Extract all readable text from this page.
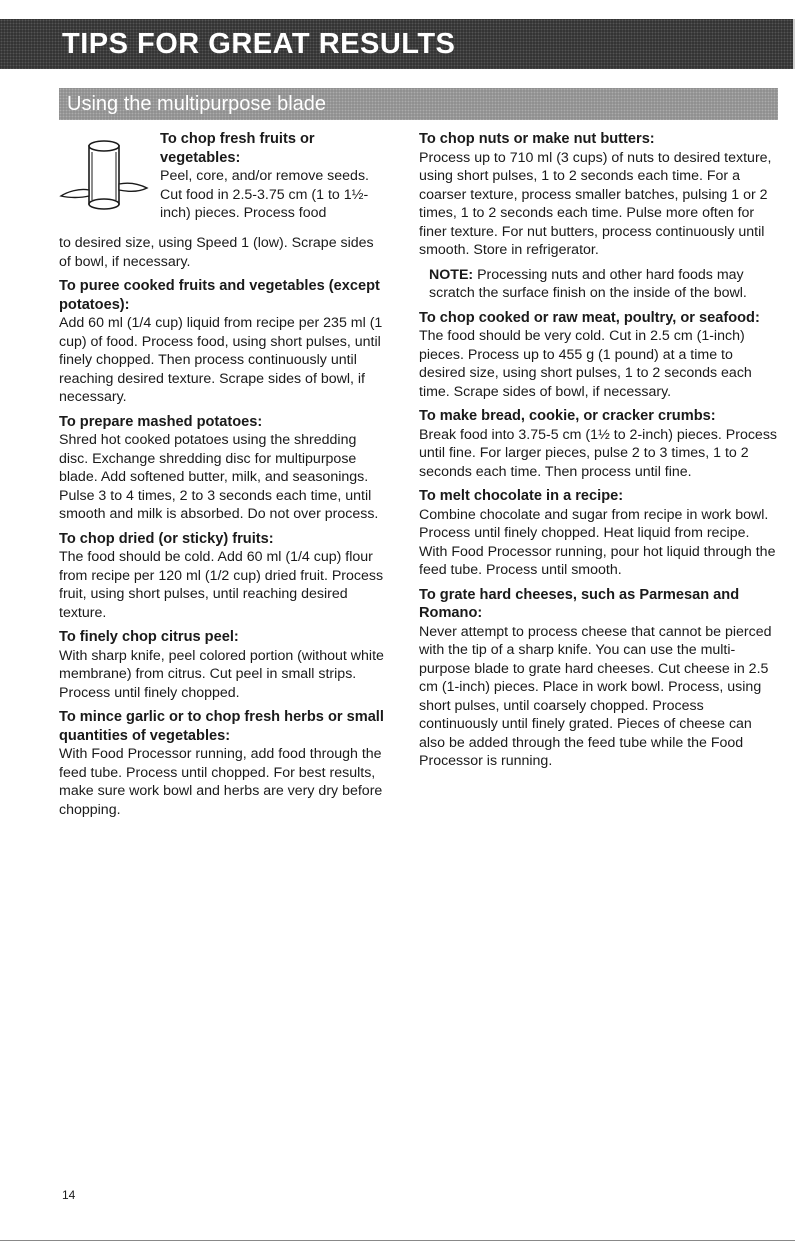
TIPS FOR GREAT RESULTS
Using the multipurpose blade
To chop fresh fruits or vegetables:

Peel, core, and/or remove seeds. Cut food in 2.5-3.75 cm (1 to 1½-inch) pieces. Process food

to desired size, using Speed 1 (low). Scrape sides of bowl, if necessary.

To puree cooked fruits and vegetables (except potatoes):

Add 60 ml (1/4 cup) liquid from recipe per 235 ml (1 cup) of food. Process food, using short pulses, until finely chopped. Then process continuously until reaching desired texture. Scrape sides of bowl, if necessary.

To prepare mashed potatoes:

Shred hot cooked potatoes using the shredding disc. Exchange shredding disc for multipurpose blade. Add softened butter, milk, and seasonings. Pulse 3 to 4 times, 2 to 3 seconds each time, until smooth and milk is absorbed. Do not over process.

To chop dried (or sticky) fruits:

The food should be cold. Add 60 ml (1/4 cup) flour from recipe per 120 ml (1/2 cup) dried fruit. Process fruit, using short pulses, until reaching desired texture.

To finely chop citrus peel:

With sharp knife, peel colored portion (without white membrane) from citrus. Cut peel in small strips. Process until finely chopped.

To mince garlic or to chop fresh herbs or small quantities of vegetables:

With Food Processor running, add food through the feed tube. Process until chopped. For best results, make sure work bowl and herbs are very dry before chopping.

To chop nuts or make nut butters:

Process up to 710 ml (3 cups) of nuts to desired texture, using short pulses, 1 to 2 seconds each time. For a coarser texture, process smaller batches, pulsing 1 or 2 times, 1 to 2 seconds each time. Pulse more often for finer texture. For nut butters, process continuously until smooth. Store in refrigerator.

NOTE: Processing nuts and other hard foods may scratch the surface finish on the inside of the bowl.

To chop cooked or raw meat, poultry, or seafood:

The food should be very cold. Cut in 2.5 cm (1-inch) pieces. Process up to 455 g (1 pound) at a time to desired size, using short pulses, 1 to 2 seconds each time. Scrape sides of bowl, if necessary.

To make bread, cookie, or cracker crumbs:

Break food into 3.75-5 cm (1½ to 2-inch) pieces. Process until fine. For larger pieces, pulse 2 to 3 times, 1 to 2 seconds each time. Then process until fine.

To melt chocolate in a recipe:

Combine chocolate and sugar from recipe in work bowl. Process until finely chopped. Heat liquid from recipe. With Food Processor running, pour hot liquid through the feed tube. Process until smooth.

To grate hard cheeses, such as Parmesan and Romano:

Never attempt to process cheese that cannot be pierced with the tip of a sharp knife. You can use the multi-purpose blade to grate hard cheeses. Cut cheese in 2.5 cm (1-inch) pieces. Place in work bowl. Process, using short pulses, until coarsely chopped. Process continuously until finely grated. Pieces of cheese can also be added through the feed tube while the Food Processor is running.

14
